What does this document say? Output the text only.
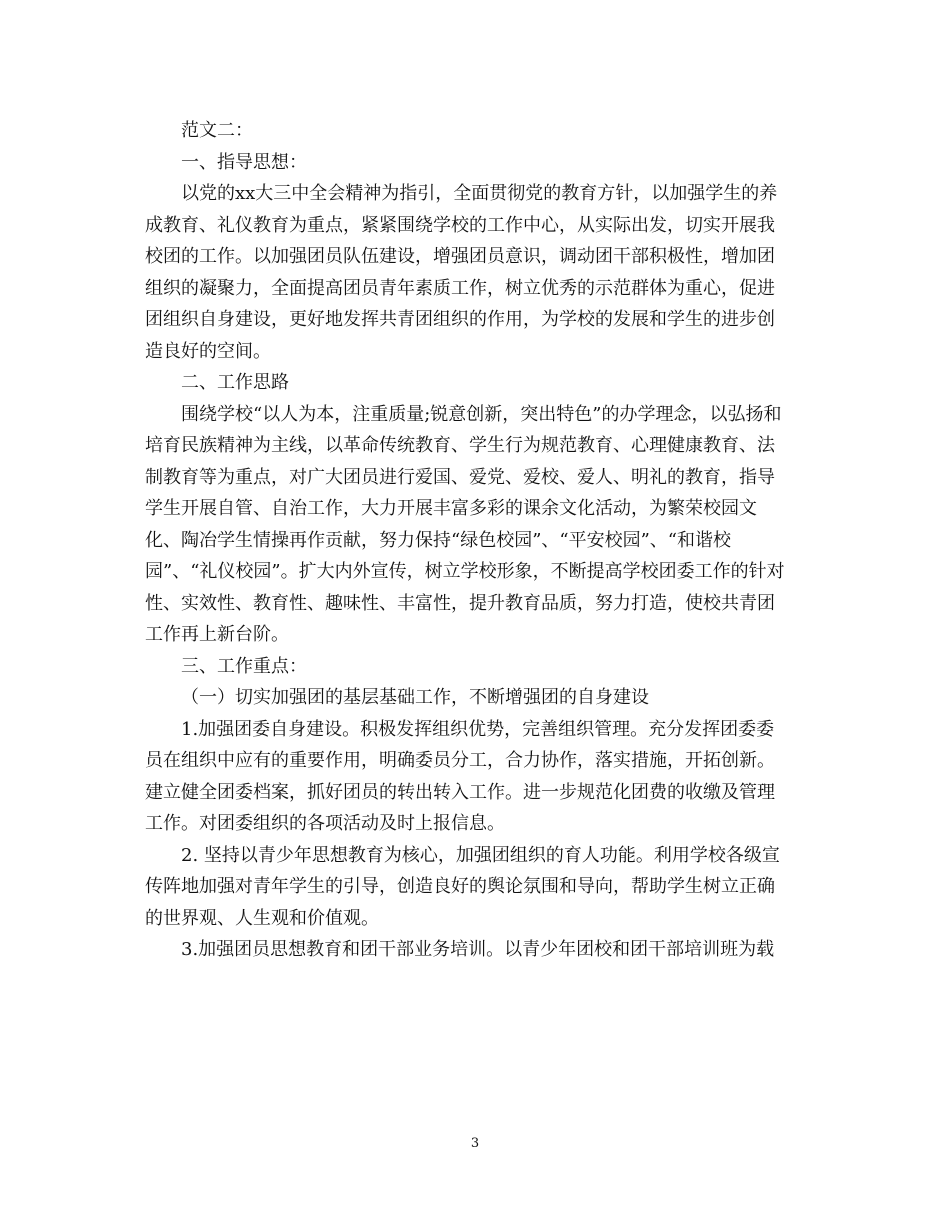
范文二：
一、指导思想：
以党的xx大三中全会精神为指引，全面贯彻党的教育方针，以加强学生的养
成教育、礼仪教育为重点，紧紧围绕学校的工作中心，从实际出发，切实开展我
校团的工作。以加强团员队伍建设，增强团员意识，调动团干部积极性，增加团
组织的凝聚力，全面提高团员青年素质工作，树立优秀的示范群体为重心，促进
团组织自身建设，更好地发挥共青团组织的作用，为学校的发展和学生的进步创
造良好的空间。
二、工作思路
围绕学校“以人为本，注重质量;锐意创新，突出特色”的办学理念，以弘扬和
培育民族精神为主线，以革命传统教育、学生行为规范教育、心理健康教育、法
制教育等为重点，对广大团员进行爱国、爱党、爱校、爱人、明礼的教育，指导
学生开展自管、自治工作，大力开展丰富多彩的课余文化活动，为繁荣校园文
化、陶冶学生情操再作贡献，努力保持“绿色校园”、“平安校园”、“和谐校
园”、“礼仪校园”。扩大内外宣传，树立学校形象，不断提高学校团委工作的针对
性、实效性、教育性、趣味性、丰富性，提升教育品质，努力打造，使校共青团
工作再上新台阶。
三、工作重点：
（一）切实加强团的基层基础工作，不断增强团的自身建设
1.加强团委自身建设。积极发挥组织优势，完善组织管理。充分发挥团委委
员在组织中应有的重要作用，明确委员分工，合力协作，落实措施，开拓创新。
建立健全团委档案，抓好团员的转出转入工作。进一步规范化团费的收缴及管理
工作。对团委组织的各项活动及时上报信息。
2. 坚持以青少年思想教育为核心，加强团组织的育人功能。利用学校各级宣
传阵地加强对青年学生的引导，创造良好的舆论氛围和导向，帮助学生树立正确
的世界观、人生观和价值观。
3.加强团员思想教育和团干部业务培训。以青少年团校和团干部培训班为载
3
